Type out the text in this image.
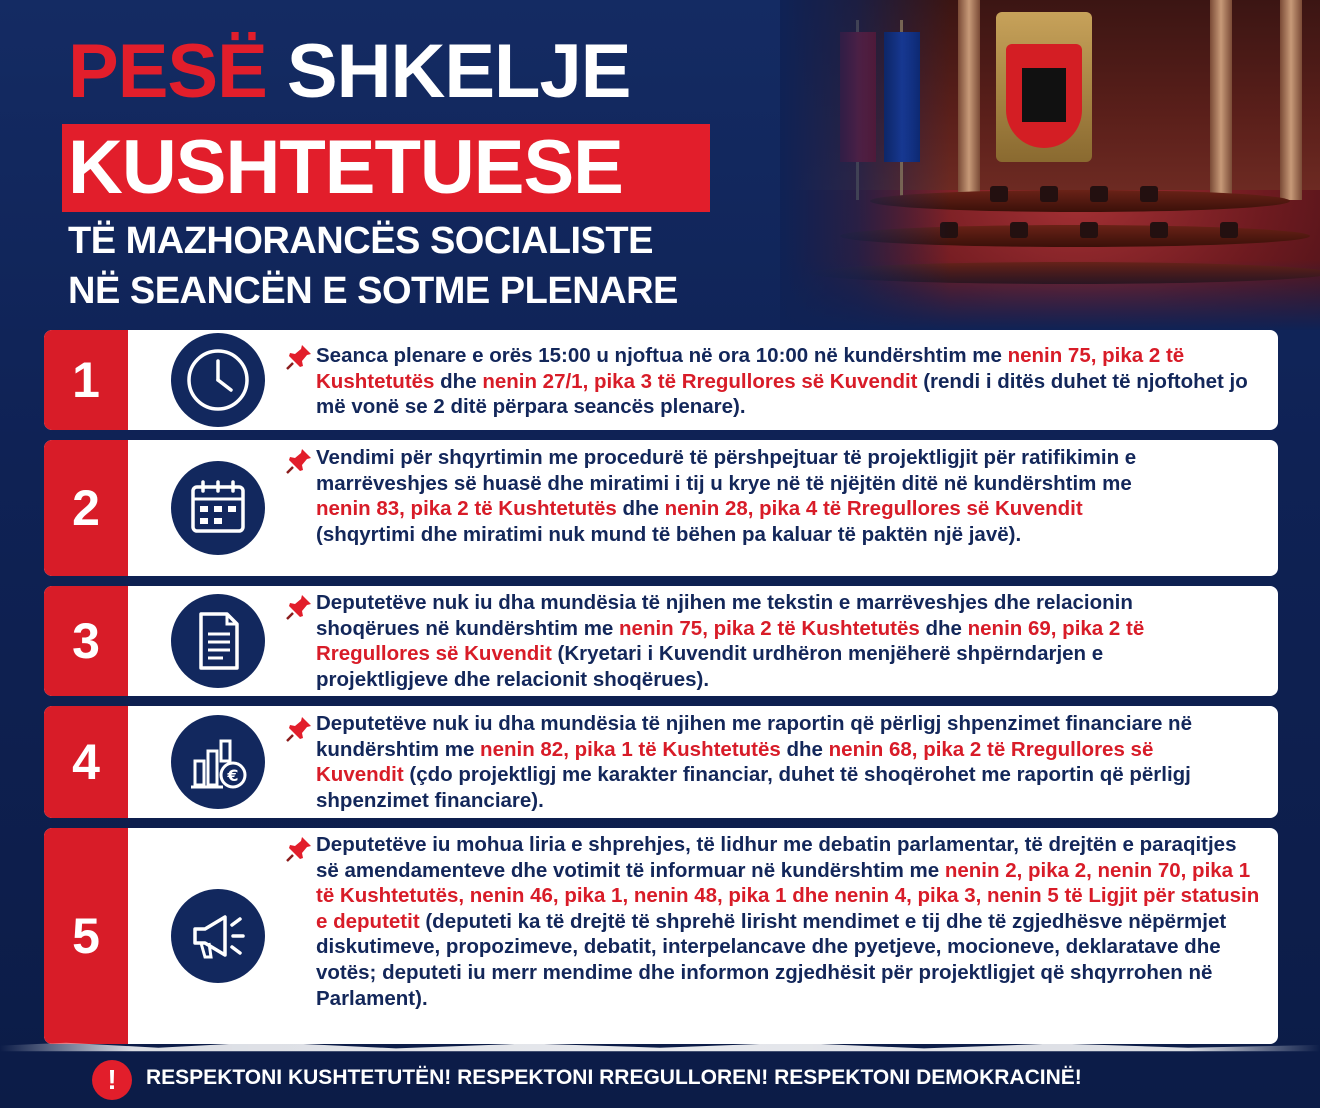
PESË SHKELJE
KUSHTETUESE
TË MAZHORANCËS SOCIALISTE
NË SEANCËN E SOTME PLENARE
1	Seanca plenare e orës 15:00 u njoftua në ora 10:00 në kundërshtim me nenin 75, pika 2 të Kushtetutës dhe nenin 27/1, pika 3 të Rregullores së Kuvendit (rendi i ditës duhet të njoftohet jo më vonë se 2 ditë përpara seancës plenare).
2
Vendimi për shqyrtimin me procedurë të përshpejtuar të projektligjit për ratifikimin e marrëveshjes së huasë dhe miratimi i tij u krye në të njëjtën ditë në kundërshtim me nenin 83, pika 2 të Kushtetutës dhe nenin 28, pika 4 të Rregullores së Kuvendit (shqyrtimi dhe miratimi nuk mund të bëhen pa kaluar të paktën një javë).
3
Deputetëve nuk iu dha mundësia të njihen me tekstin e marrëveshjes dhe relacionin shoqërues në kundërshtim me nenin 75, pika 2 të Kushtetutës dhe nenin 69, pika 2 të Rregullores së Kuvendit (Kryetari i Kuvendit urdhëron menjëherë shpërndarjen e projektligjeve dhe relacionit shoqërues).
4	€
Deputetëve nuk iu dha mundësia të njihen me raportin që përligj shpenzimet financiare në kundërshtim me nenin 82, pika 1 të Kushtetutës dhe nenin 68, pika 2 të Rregullores së Kuvendit (çdo projektligj me karakter financiar, duhet të shoqërohet me raportin që përligj shpenzimet financiare).
5
Deputetëve iu mohua liria e shprehjes, të lidhur me debatin parlamentar, të drejtën e paraqitjes së amendamenteve dhe votimit të informuar në kundërshtim me nenin 2, pika 2, nenin 70, pika 1 të Kushtetutës, nenin 46, pika 1, nenin 48, pika 1 dhe nenin 4, pika 3, nenin 5 të Ligjit për statusin e deputetit (deputeti ka të drejtë të shprehë lirisht mendimet e tij dhe të zgjedhësve nëpërmjet diskutimeve, propozimeve, debatit, interpelancave dhe pyetjeve, mocioneve, deklaratave dhe votës; deputeti iu merr mendime dhe informon zgjedhësit për projektligjet që shqyrrohen në Parlament).
!	RESPEKTONI KUSHTETUTËN! RESPEKTONI RREGULLOREN! RESPEKTONI DEMOKRACINË!
